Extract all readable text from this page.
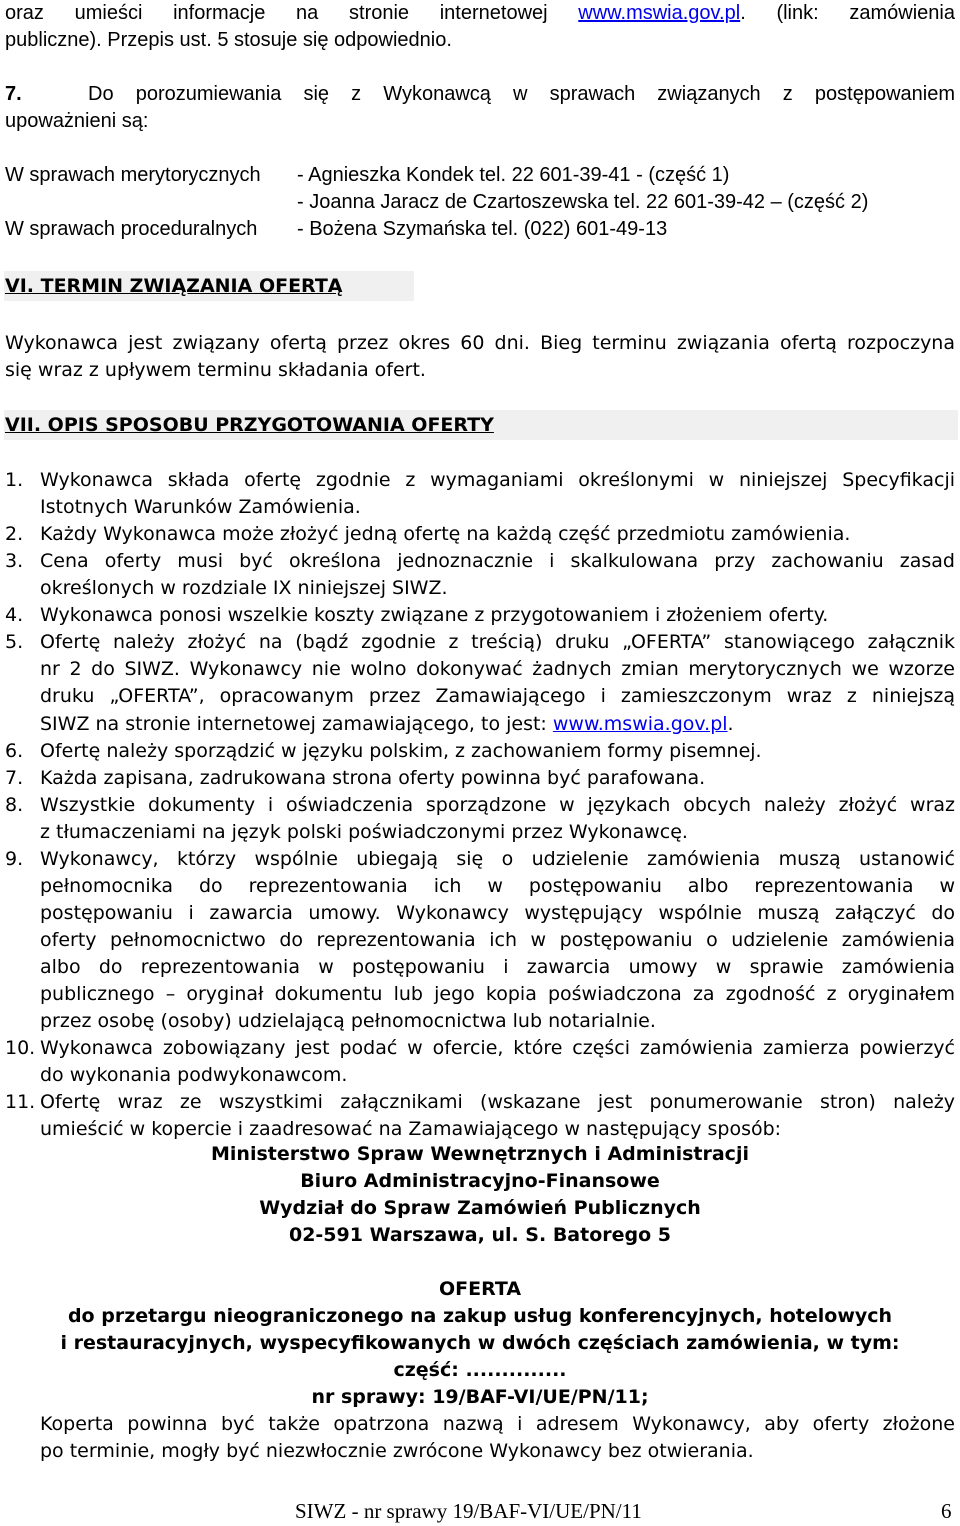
oraz umieści informacje na stronie internetowej www.mswia.gov.pl. (link: zamówienia
publiczne). Przepis ust. 5 stosuje się odpowiednio.
7.	Do porozumiewania się z Wykonawcą w sprawach związanych z postępowaniem
upoważnieni są:
W sprawach merytorycznych - Agnieszka Kondek tel. 22 601-39-41 - (część 1)
- Joanna Jaracz de Czartoszewska tel. 22 601-39-42 – (część 2)
W sprawach proceduralnych - Bożena Szymańska tel. (022) 601-49-13
VI. TERMIN ZWIĄZANIA OFERTĄ
Wykonawca jest związany ofertą przez okres 60 dni. Bieg terminu związania ofertą rozpoczyna
się wraz z upływem terminu składania ofert.
VII. OPIS SPOSOBU PRZYGOTOWANIA OFERTY
1. Wykonawca składa ofertę zgodnie z wymaganiami określonymi w niniejszej Specyfikacji
Istotnych Warunków Zamówienia.
2. Każdy Wykonawca może złożyć jedną ofertę na każdą część przedmiotu zamówienia.
3. Cena oferty musi być określona jednoznacznie i skalkulowana przy zachowaniu zasad
określonych w rozdziale IX niniejszej SIWZ.
4. Wykonawca ponosi wszelkie koszty związane z przygotowaniem i złożeniem oferty.
5. Ofertę należy złożyć na (bądź zgodnie z treścią) druku „OFERTA” stanowiącego załącznik
nr 2 do SIWZ. Wykonawcy nie wolno dokonywać żadnych zmian merytorycznych we wzorze
druku „OFERTA”, opracowanym przez Zamawiającego i zamieszczonym wraz z niniejszą
6. Ofertę należy sporządzić w języku polskim, z zachowaniem formy pisemnej.
7. Każda zapisana, zadrukowana strona oferty powinna być parafowana.
8. Wszystkie dokumenty i oświadczenia sporządzone w językach obcych należy złożyć wraz
z tłumaczeniami na język polski poświadczonymi przez Wykonawcę.
9. Wykonawcy, którzy wspólnie ubiegają się o udzielenie zamówienia muszą ustanowić
pełnomocnika do reprezentowania ich w postępowaniu albo reprezentowania w
postępowaniu i zawarcia umowy. Wykonawcy występujący wspólnie muszą załączyć do
oferty pełnomocnictwo do reprezentowania ich w postępowaniu o udzielenie zamówienia
albo do reprezentowania w postępowaniu i zawarcia umowy w sprawie zamówienia
publicznego – oryginał dokumentu lub jego kopia poświadczona za zgodność z oryginałem
przez osobę (osoby) udzielającą pełnomocnictwa lub notarialnie.
10. Wykonawca zobowiązany jest podać w ofercie, które części zamówienia zamierza powierzyć
do wykonania podwykonawcom.
11. Ofertę wraz ze wszystkimi załącznikami (wskazane jest ponumerowanie stron) należy
umieścić w kopercie i zaadresować na Zamawiającego w następujący sposób:
SIWZ na stronie internetowej zamawiającego, to jest: www.mswia.gov.pl.
Ministerstwo Spraw Wewnętrznych i Administracji
Biuro Administracyjno-Finansowe
Wydział do Spraw Zamówień Publicznych
02-591 Warszawa, ul. S. Batorego 5
OFERTA
do przetargu nieograniczonego na zakup usług konferencyjnych, hotelowych
i restauracyjnych, wyspecyfikowanych w dwóch częściach zamówienia, w tym:
część: ..............
nr sprawy: 19/BAF-VI/UE/PN/11;
Koperta powinna być także opatrzona nazwą i adresem Wykonawcy, aby oferty złożone
po terminie, mogły być niezwłocznie zwrócone Wykonawcy bez otwierania.
SIWZ - nr sprawy 19/BAF-VI/UE/PN/11	6
